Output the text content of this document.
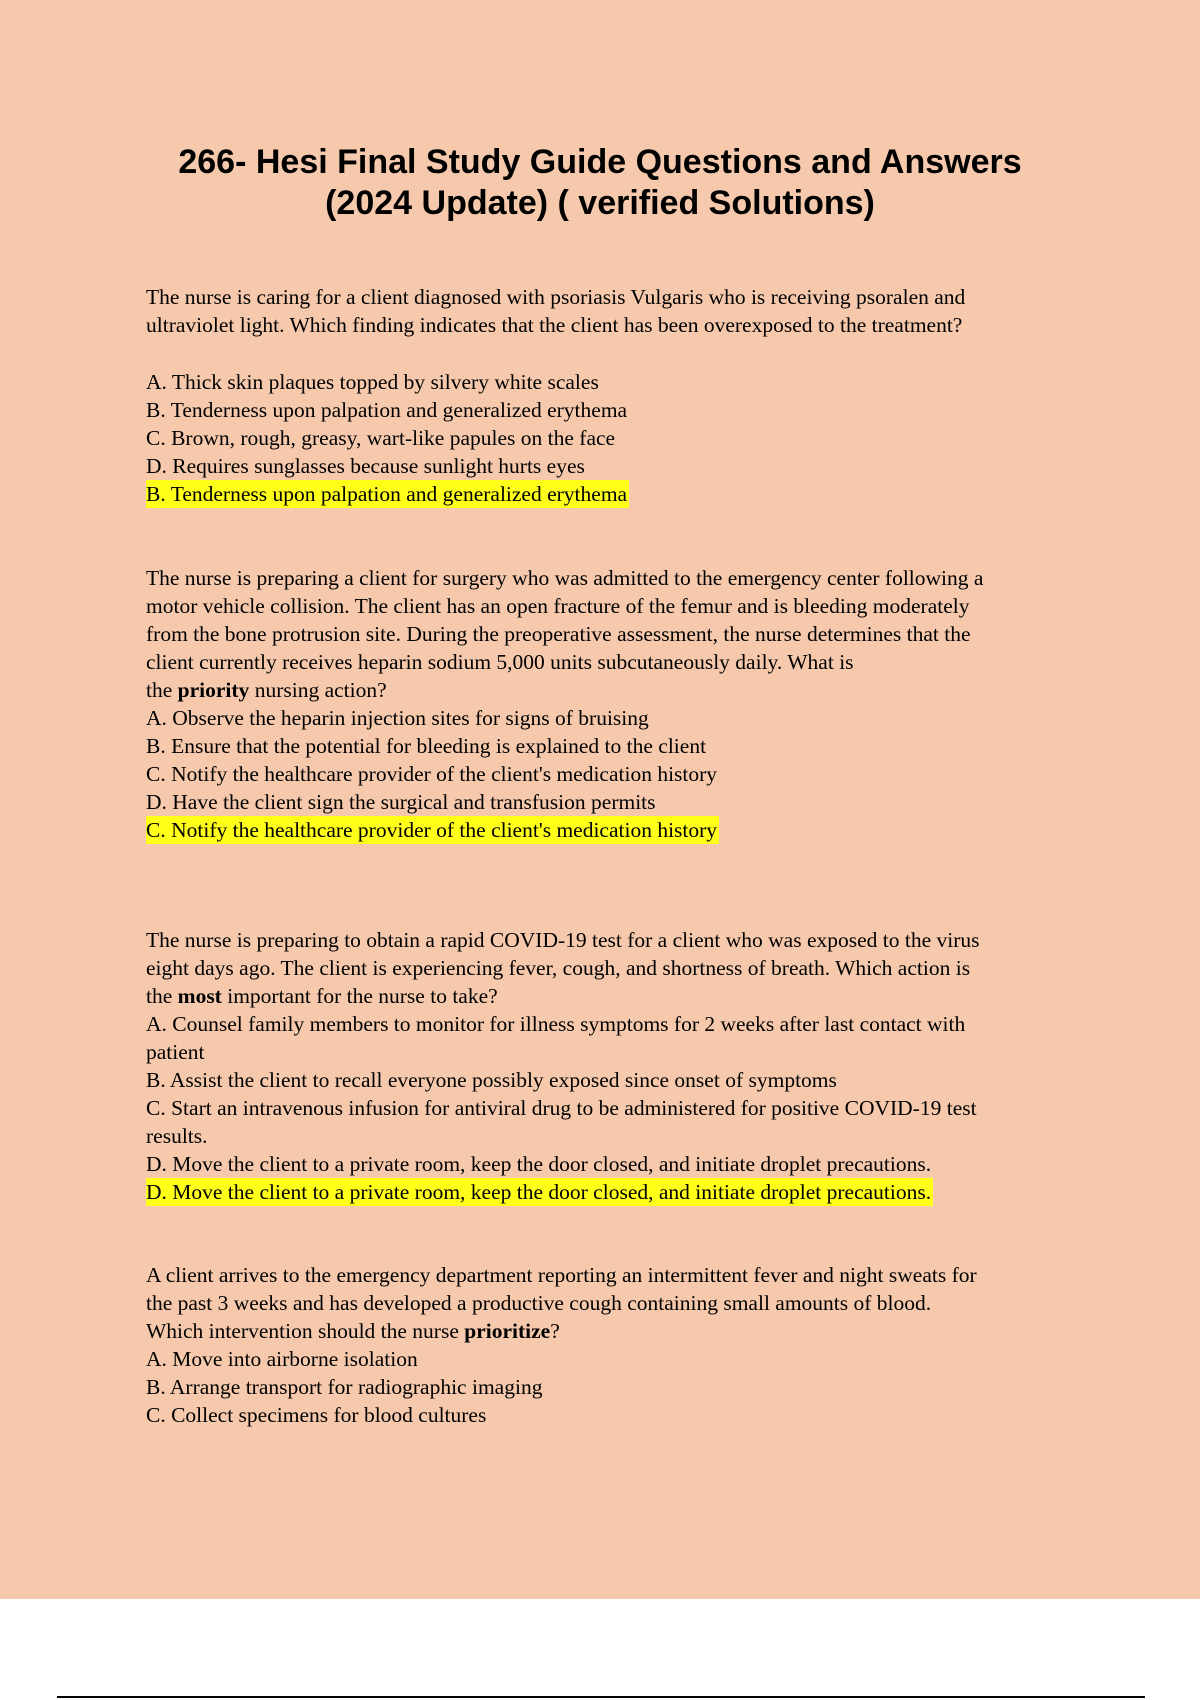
266- Hesi Final Study Guide Questions and Answers
(2024 Update) ( verified Solutions)
The nurse is caring for a client diagnosed with psoriasis Vulgaris who is receiving psoralen and
ultraviolet light. Which finding indicates that the client has been overexposed to the treatment?
A. Thick skin plaques topped by silvery white scales
B. Tenderness upon palpation and generalized erythema
C. Brown, rough, greasy, wart-like papules on the face
D. Requires sunglasses because sunlight hurts eyes
B. Tenderness upon palpation and generalized erythema
The nurse is preparing a client for surgery who was admitted to the emergency center following a
motor vehicle collision. The client has an open fracture of the femur and is bleeding moderately
from the bone protrusion site. During the preoperative assessment, the nurse determines that the
client currently receives heparin sodium 5,000 units subcutaneously daily. What is
the priority nursing action?
A. Observe the heparin injection sites for signs of bruising
B. Ensure that the potential for bleeding is explained to the client
C. Notify the healthcare provider of the client's medication history
D. Have the client sign the surgical and transfusion permits
C. Notify the healthcare provider of the client's medication history
The nurse is preparing to obtain a rapid COVID-19 test for a client who was exposed to the virus
eight days ago. The client is experiencing fever, cough, and shortness of breath. Which action is
the most important for the nurse to take?
A. Counsel family members to monitor for illness symptoms for 2 weeks after last contact with
patient
B. Assist the client to recall everyone possibly exposed since onset of symptoms
C. Start an intravenous infusion for antiviral drug to be administered for positive COVID-19 test
results.
D. Move the client to a private room, keep the door closed, and initiate droplet precautions.
D. Move the client to a private room, keep the door closed, and initiate droplet precautions.
A client arrives to the emergency department reporting an intermittent fever and night sweats for
the past 3 weeks and has developed a productive cough containing small amounts of blood.
Which intervention should the nurse prioritize?
A. Move into airborne isolation
B. Arrange transport for radiographic imaging
C. Collect specimens for blood cultures
